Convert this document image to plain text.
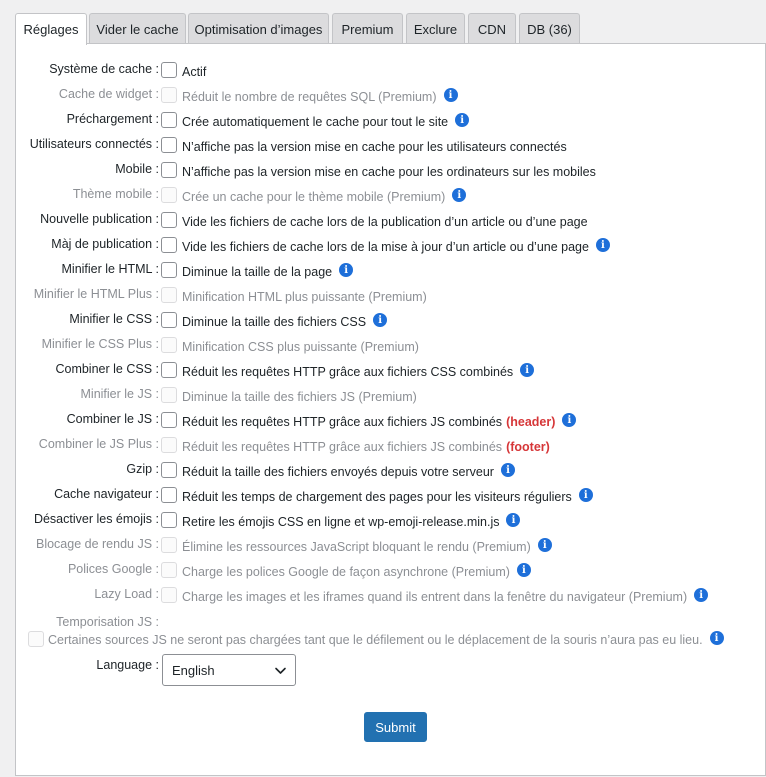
Réglages Vider le cache Optimisation d’images Premium Exclure CDN DB (36)
Système de cache :	Actif
Cache de widget :	Réduit le nombre de requêtes SQL (Premium) i
Préchargement :	Crée automatiquement le cache pour tout le site i
Utilisateurs connectés :	N’affiche pas la version mise en cache pour les utilisateurs connectés
Mobile :	N’affiche pas la version mise en cache pour les ordinateurs sur les mobiles
Thème mobile :	Crée un cache pour le thème mobile (Premium) i
Nouvelle publication :	Vide les fichiers de cache lors de la publication d’un article ou d’une page
Màj de publication :	Vide les fichiers de cache lors de la mise à jour d’un article ou d’une page i
Minifier le HTML :	Diminue la taille de la page i
Minifier le HTML Plus :	Minification HTML plus puissante (Premium)
Minifier le CSS :	Diminue la taille des fichiers CSS i
Minifier le CSS Plus :	Minification CSS plus puissante (Premium)
Combiner le CSS :	Réduit les requêtes HTTP grâce aux fichiers CSS combinés i
Minifier le JS :	Diminue la taille des fichiers JS (Premium)
Combiner le JS :	Réduit les requêtes HTTP grâce aux fichiers JS combinés (header) i
Combiner le JS Plus :	Réduit les requêtes HTTP grâce aux fichiers JS combinés (footer)
Gzip :	Réduit la taille des fichiers envoyés depuis votre serveur i
Cache navigateur :	Réduit les temps de chargement des pages pour les visiteurs réguliers i
Désactiver les émojis :	Retire les émojis CSS en ligne et wp-emoji-release.min.js i
Blocage de rendu JS :	Élimine les ressources JavaScript bloquant le rendu (Premium) i
Polices Google :	Charge les polices Google de façon asynchrone (Premium) i
Lazy Load :	Charge les images et les iframes quand ils entrent dans la fenêtre du navigateur (Premium) i
Temporisation JS :
Certaines sources JS ne seront pas chargées tant que le défilement ou le déplacement de la souris n’aura pas eu lieu. i
Language :	English
Submit
